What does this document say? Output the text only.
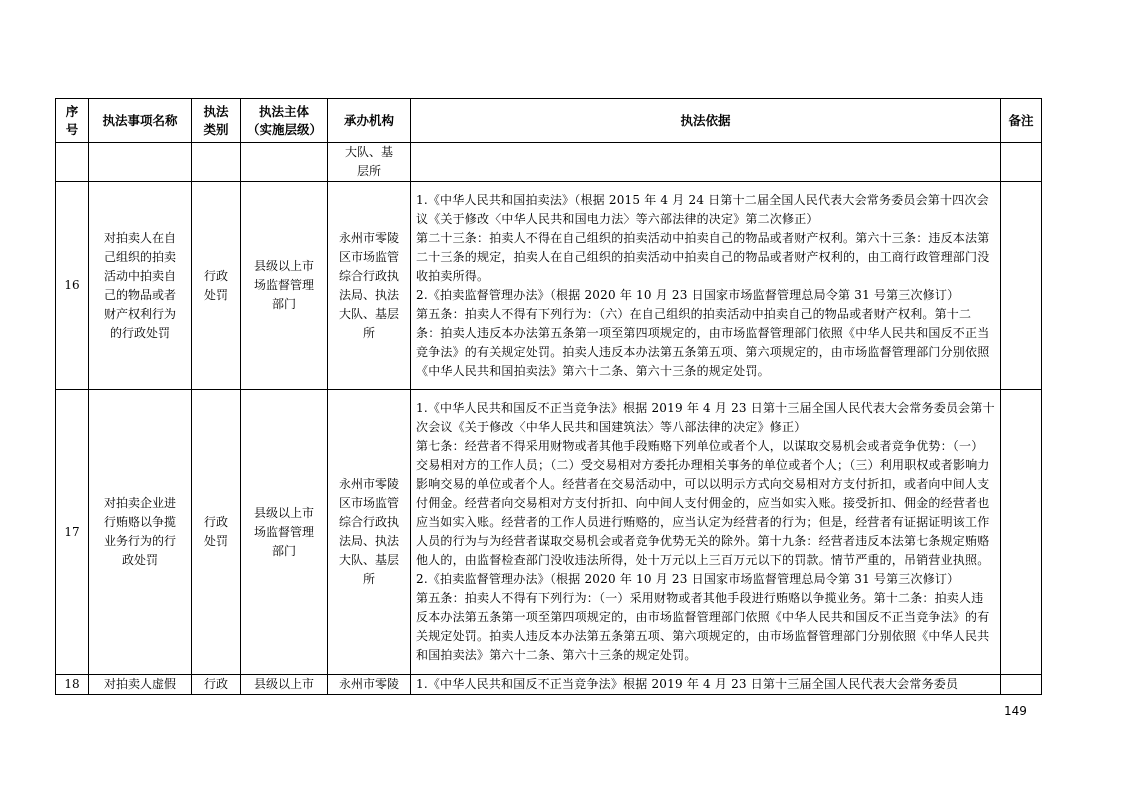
序号	执法事项名称	执法类别	执法主体（实施层级）	承办机构	执法依据	备注

				大队、基层所		

16	对拍卖人在自己组织的拍卖活动中拍卖自己的物品或者财产权利行为的行政处罚	行政处罚	县级以上市场监督管理部门	永州市零陵区市场监管综合行政执法局、执法大队、基层所	1.《中华人民共和国拍卖法》（根据 2015 年 4 月 24 日第十二届全国人民代表大会常务委员会第十四次会议《关于修改〈中华人民共和国电力法〉等六部法律的决定》第二次修正）
第二十三条：拍卖人不得在自己组织的拍卖活动中拍卖自己的物品或者财产权利。第六十三条：违反本法第二十三条的规定，拍卖人在自己组织的拍卖活动中拍卖自己的物品或者财产权利的，由工商行政管理部门没收拍卖所得。
2.《拍卖监督管理办法》（根据 2020 年 10 月 23 日国家市场监督管理总局令第 31 号第三次修订）
第五条：拍卖人不得有下列行为：（六）在自己组织的拍卖活动中拍卖自己的物品或者财产权利。第十二条：拍卖人违反本办法第五条第一项至第四项规定的，由市场监督管理部门依照《中华人民共和国反不正当竞争法》的有关规定处罚。拍卖人违反本办法第五条第五项、第六项规定的，由市场监督管理部门分别依照《中华人民共和国拍卖法》第六十二条、第六十三条的规定处罚。	

17	对拍卖企业进行贿赂以争揽业务行为的行政处罚	行政处罚	县级以上市场监督管理部门	永州市零陵区市场监管综合行政执法局、执法大队、基层所	1.《中华人民共和国反不正当竞争法》根据 2019 年 4 月 23 日第十三届全国人民代表大会常务委员会第十次会议《关于修改〈中华人民共和国建筑法〉等八部法律的决定》修正）
第七条：经营者不得采用财物或者其他手段贿赂下列单位或者个人，以谋取交易机会或者竞争优势：（一）交易相对方的工作人员；（二）受交易相对方委托办理相关事务的单位或者个人；（三）利用职权或者影响力影响交易的单位或者个人。经营者在交易活动中，可以以明示方式向交易相对方支付折扣，或者向中间人支付佣金。经营者向交易相对方支付折扣、向中间人支付佣金的，应当如实入账。接受折扣、佣金的经营者也应当如实入账。经营者的工作人员进行贿赂的，应当认定为经营者的行为；但是，经营者有证据证明该工作人员的行为与为经营者谋取交易机会或者竞争优势无关的除外。第十九条：经营者违反本法第七条规定贿赂他人的，由监督检查部门没收违法所得，处十万元以上三百万元以下的罚款。情节严重的，吊销营业执照。
2.《拍卖监督管理办法》（根据 2020 年 10 月 23 日国家市场监督管理总局令第 31 号第三次修订）
第五条：拍卖人不得有下列行为：（一）采用财物或者其他手段进行贿赂以争揽业务。第十二条：拍卖人违反本办法第五条第一项至第四项规定的，由市场监督管理部门依照《中华人民共和国反不正当竞争法》的有关规定处罚。拍卖人违反本办法第五条第五项、第六项规定的，由市场监督管理部门分别依照《中华人民共和国拍卖法》第六十二条、第六十三条的规定处罚。	

18	对拍卖人虚假	行政	县级以上市	永州市零陵	1.《中华人民共和国反不正当竞争法》根据 2019 年 4 月 23 日第十三届全国人民代表大会常务委员	

149
